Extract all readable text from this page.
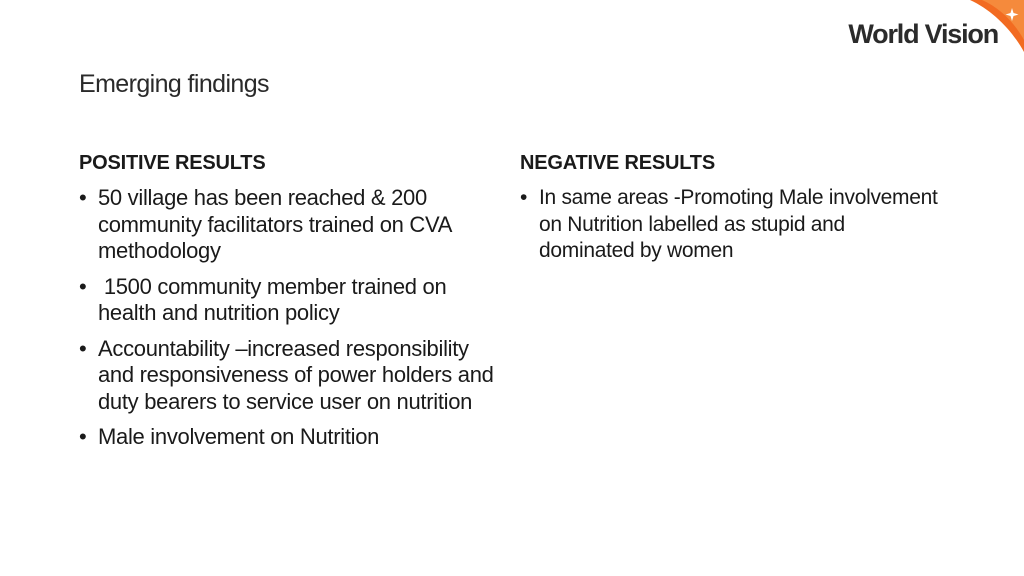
World Vision
Emerging findings
POSITIVE RESULTS
• 50 village has been reached & 200 community facilitators trained on CVA methodology
• 1500 community member trained on health and nutrition policy
• Accountability –increased responsibility and responsiveness of power holders and duty bearers to service user on nutrition
• Male involvement on Nutrition
NEGATIVE RESULTS
• In same areas -Promoting Male involvement on Nutrition labelled as stupid and dominated by women
